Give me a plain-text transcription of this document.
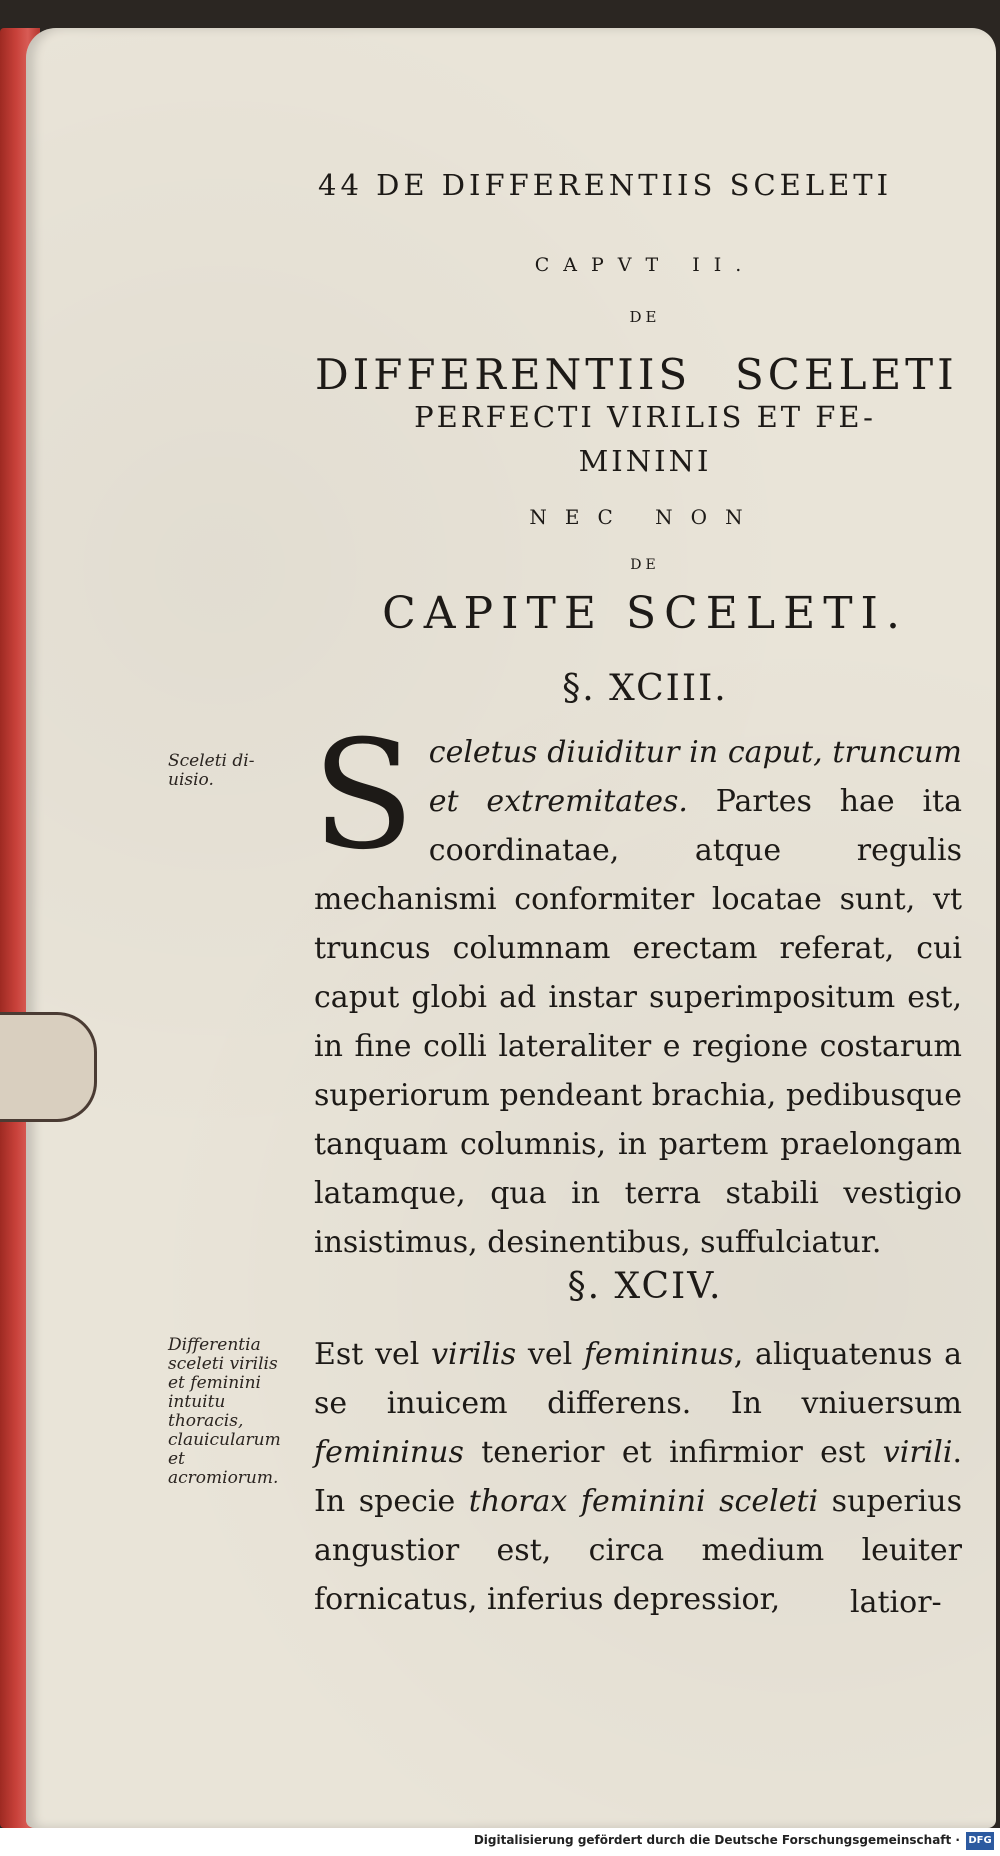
44 DE DIFFERENTIIS SCELETI
CAPVT II.
DE
DIFFERENTIIS SCELETI
PERFECTI VIRILIS ET FE-
MININI
NEC NON
DE
CAPITE SCELETI.
§. XCIII.
Sceleti di-uisio. Sceletus diuiditur in caput, truncum et extremitates. Partes hae ita coordinatae, atque regulis mechanismi conformiter locatae sunt, vt truncus columnam erectam referat, cui caput globi ad instar superimpositum est, in fine colli lateraliter e regione costarum superiorum pendeant brachia, pedibusque tanquam columnis, in partem praelongam latamque, qua in terra stabili vestigio insistimus, desinentibus, suffulciatur.
§. XCIV.
Differentia sceleti virilis et feminini intuitu thoracis, clauicularum et acromiorum.
Est vel virilis vel femininus, aliquatenus a se inuicem differens. In vniuersum femininus tenerior et infirmior est virili. In specie thorax feminini sceleti superius angustior est, circa medium leuiter fornicatus, inferius depressior,	latior-
Digitalisierung gefördert durch die Deutsche Forschungsgemeinschaft · DFG
